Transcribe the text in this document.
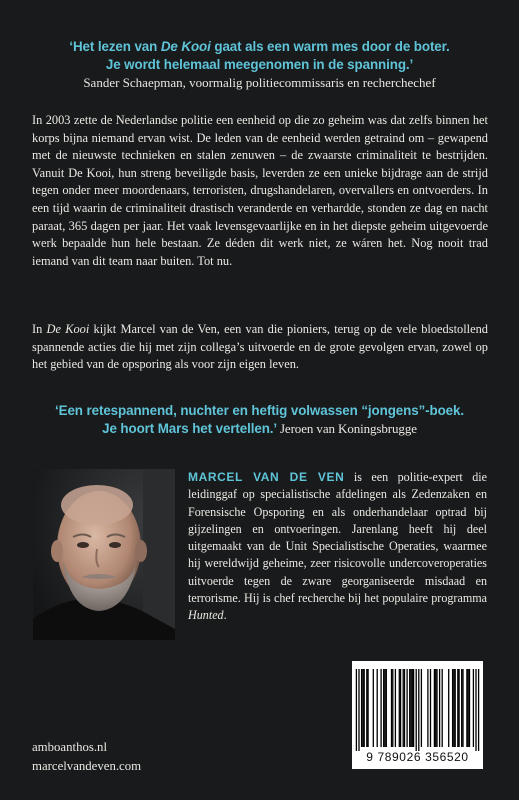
‘Het lezen van De Kooi gaat als een warm mes door de boter.
Je wordt helemaal meegenomen in de spanning.’
Sander Schaepman, voormalig politiecommissaris en recherchechef
In 2003 zette de Nederlandse politie een eenheid op die zo geheim was dat zelfs binnen het korps bijna niemand ervan wist. De leden van de eenheid werden getraind om – gewapend met de nieuwste technieken en stalen zenuwen – de zwaarste criminaliteit te bestrijden. Vanuit De Kooi, hun streng beveiligde basis, leverden ze een unieke bijdrage aan de strijd tegen onder meer moordenaars, terroristen, drugshandelaren, overvallers en ontvoerders. In een tijd waarin de criminaliteit drastisch veranderde en verhardde, stonden ze dag en nacht paraat, 365 dagen per jaar. Het vaak levensgevaarlijke en in het diepste geheim uitgevoerde werk bepaalde hun hele bestaan. Ze déden dit werk niet, ze wáren het. Nog nooit trad iemand van dit team naar buiten. Tot nu.
In De Kooi kijkt Marcel van de Ven, een van die pioniers, terug op de vele bloedstollend spannende acties die hij met zijn collega’s uitvoerde en de grote gevolgen ervan, zowel op het gebied van de opsporing als voor zijn eigen leven.
‘Een retespannend, nuchter en heftig volwassen “jongens”-boek.
Je hoort Mars het vertellen.’ Jeroen van Koningsbrugge
MARCEL VAN DE VEN is een politie-expert die leidinggaf op specialistische afdelingen als Zedenzaken en Forensische Opsporing en als onderhandelaar optrad bij gijzelingen en ontvoeringen. Jarenlang heeft hij deel uitgemaakt van de Unit Specialistische Operaties, waarmee hij wereldwijd geheime, zeer risicovolle undercoveroperaties uitvoerde tegen de zware georganiseerde misdaad en terrorisme. Hij is chef recherche bij het populaire programma Hunted.
amboanthos.nl
marcelvandeven.com
9 789026 356520
